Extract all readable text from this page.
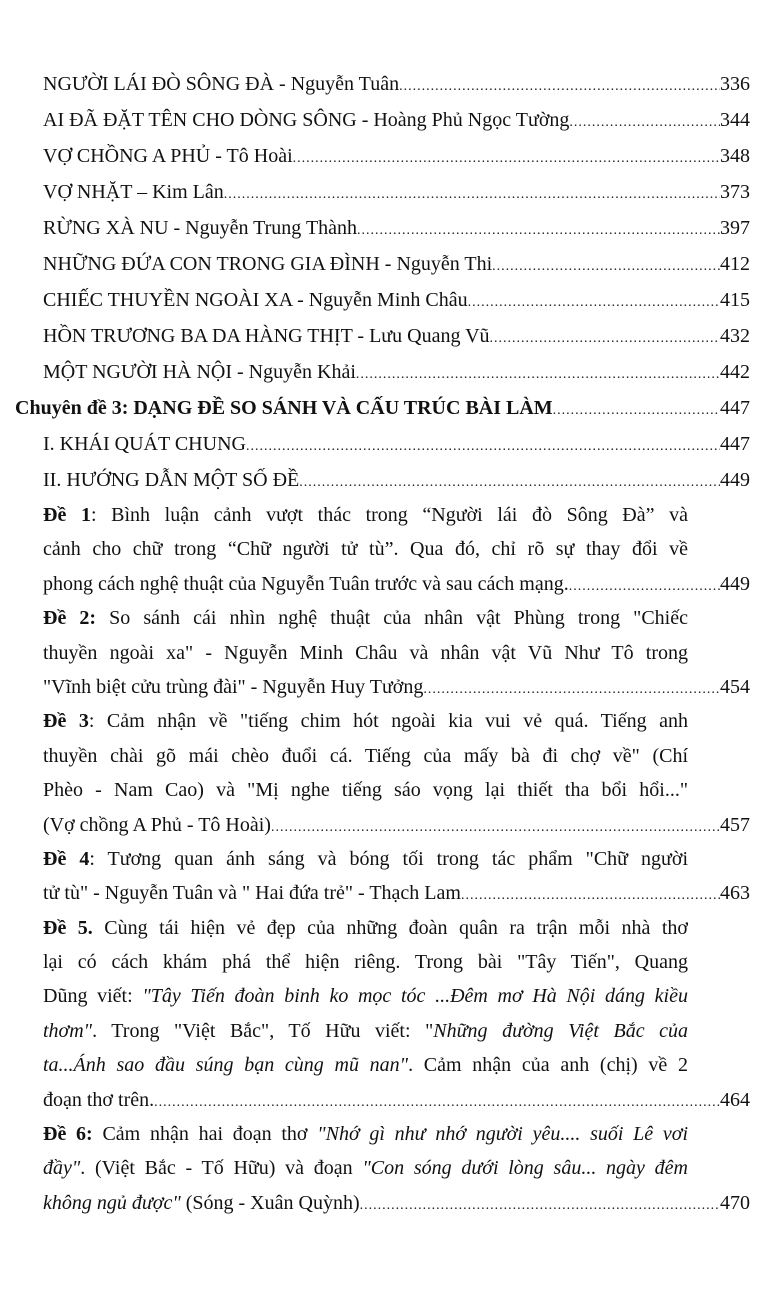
NGƯỜI LÁI ĐÒ SÔNG ĐÀ - Nguyễn Tuân .....	336
AI ĐÃ ĐẶT TÊN CHO DÒNG SÔNG - Hoàng Phủ Ngọc Tường .....	344
VỢ CHỒNG A PHỦ - Tô Hoài .....	348
VỢ NHẶT – Kim Lân .....	373
RỪNG XÀ NU - Nguyễn Trung Thành .....	397
NHỮNG ĐỨA CON TRONG GIA ĐÌNH - Nguyễn Thi .....	412
CHIẾC THUYỀN NGOÀI XA - Nguyễn Minh Châu .....	415
HỒN TRƯƠNG BA DA HÀNG THỊT - Lưu Quang Vũ .....	432
MỘT NGƯỜI HÀ NỘI - Nguyễn Khải .....	442
Chuyên đề 3: DẠNG ĐỀ SO SÁNH VÀ CẤU TRÚC BÀI LÀM .....	447
I. KHÁI QUÁT CHUNG .....	447
II. HƯỚNG DẪN MỘT SỐ ĐỀ .....	449
Đề 1: Bình luận cảnh vượt thác trong “Người lái đò Sông Đà” và
cảnh cho chữ trong “Chữ người tử tù”. Qua đó, chỉ rõ sự thay đổi về
phong cách nghệ thuật của Nguyễn Tuân trước và sau cách mạng. .....	449
Đề 2: So sánh cái nhìn nghệ thuật của nhân vật Phùng trong "Chiếc
thuyền ngoài xa" - Nguyễn Minh Châu và nhân vật Vũ Như Tô trong
"Vĩnh biệt cửu trùng đài" - Nguyễn Huy Tưởng .....	454
Đề 3: Cảm nhận về "tiếng chim hót ngoài kia vui vẻ quá. Tiếng anh
thuyền chài gõ mái chèo đuổi cá. Tiếng của mấy bà đi chợ về" (Chí
Phèo - Nam Cao) và "Mị nghe tiếng sáo vọng lại thiết tha bổi hổi..."
(Vợ chồng A Phủ - Tô Hoài) .....	457
Đề 4: Tương quan ánh sáng và bóng tối trong tác phẩm "Chữ người
tử tù" - Nguyễn Tuân và " Hai đứa trẻ" - Thạch Lam .....	463
Đề 5. Cùng tái hiện vẻ đẹp của những đoàn quân ra trận mỗi nhà thơ
lại có cách khám phá thể hiện riêng. Trong bài "Tây Tiến", Quang
Dũng viết: "Tây Tiến đoàn binh ko mọc tóc ...Đêm mơ Hà Nội dáng kiều
thơm". Trong "Việt Bắc", Tố Hữu viết: "Những đường Việt Bắc của
ta...Ánh sao đầu súng bạn cùng mũ nan". Cảm nhận của anh (chị) về 2
đoạn thơ trên. .....	464
Đề 6: Cảm nhận hai đoạn thơ "Nhớ gì như nhớ người yêu.... suối Lê vơi
đầy". (Việt Bắc - Tố Hữu) và đoạn "Con sóng dưới lòng sâu... ngày đêm
không ngủ được" (Sóng - Xuân Quỳnh) .....	470
